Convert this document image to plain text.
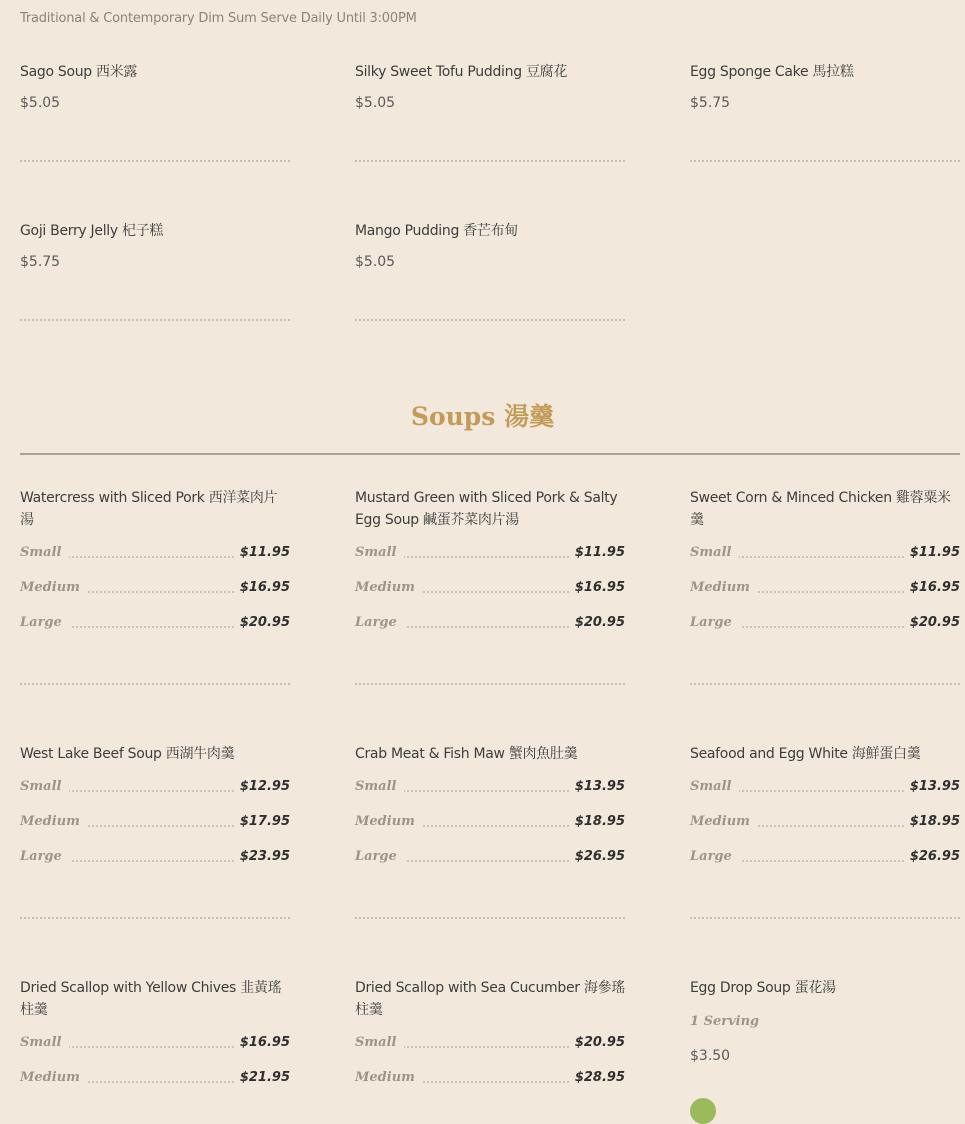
Traditional & Contemporary Dim Sum Serve Daily Until 3:00PM
Sago Soup 西米露
$5.05
Silky Sweet Tofu Pudding 豆腐花
$5.05
Egg Sponge Cake 馬拉糕
$5.75
Goji Berry Jelly 杞子糕
$5.75
Mango Pudding 香芒布甸
$5.05
Soups 湯羹
Watercress with Sliced Pork 西洋菜肉片湯
Small	$11.95
Medium	$16.95
Large	$20.95
Mustard Green with Sliced Pork & Salty Egg Soup 鹹蛋芥菜肉片湯
Small	$11.95
Medium	$16.95
Large	$20.95
Sweet Corn & Minced Chicken 雞蓉粟米羹
Small	$11.95
Medium	$16.95
Large	$20.95
West Lake Beef Soup 西湖牛肉羹
Small	$12.95
Medium	$17.95
Large	$23.95
Crab Meat & Fish Maw 蟹肉魚肚羹
Small	$13.95
Medium	$18.95
Large	$26.95
Seafood and Egg White 海鮮蛋白羹
Small	$13.95
Medium	$18.95
Large	$26.95
Dried Scallop with Yellow Chives 韭黃瑤柱羹
Small	$16.95
Medium	$21.95
Dried Scallop with Sea Cucumber 海參瑤柱羹
Small	$20.95
Medium	$28.95
Egg Drop Soup 蛋花湯
1 Serving
$3.50
